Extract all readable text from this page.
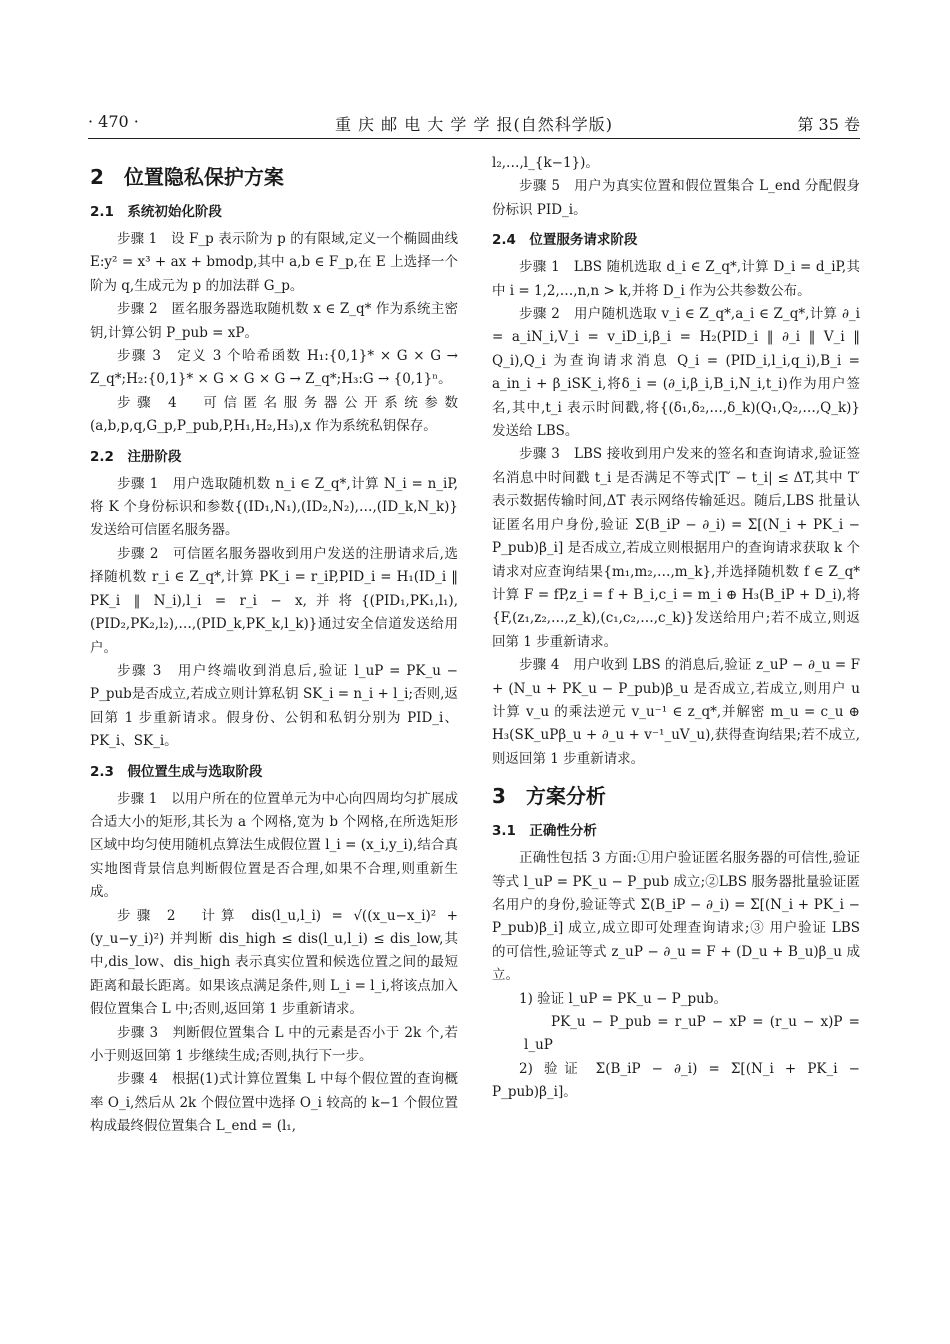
· 470 ·	重 庆 邮 电 大 学 学 报(自然科学版)	第 35 卷
2　位置隐私保护方案
2.1　系统初始化阶段

步骤 1　设 F_p 表示阶为 p 的有限域,定义一个椭圆曲线 E:y² = x³ + ax + bmodp,其中 a,b ∈ F_p,在 E 上选择一个阶为 q,生成元为 p 的加法群 G_p。

步骤 2　匿名服务器选取随机数 x ∈ Z_q* 作为系统主密钥,计算公钥 P_pub = xP。

步骤 3　定义 3 个哈希函数 H₁:{0,1}* × G × G → Z_q*;H₂:{0,1}* × G × G × G → Z_q*;H₃:G → {0,1}ⁿ。

步骤 4　可信匿名服务器公开系统参数(a,b,p,q,G_p,P_pub,P,H₁,H₂,H₃),x 作为系统私钥保存。

2.2　注册阶段

步骤 1　用户选取随机数 n_i ∈ Z_q*,计算 N_i = n_iP,将 K 个身份标识和参数{(ID₁,N₁),(ID₂,N₂),…,(ID_k,N_k)}发送给可信匿名服务器。

步骤 2　可信匿名服务器收到用户发送的注册请求后,选择随机数 r_i ∈ Z_q*,计算 PK_i = r_iP,PID_i = H₁(ID_i ‖ PK_i ‖ N_i),l_i = r_i − x,并将{(PID₁,PK₁,l₁),(PID₂,PK₂,l₂),…,(PID_k,PK_k,l_k)}通过安全信道发送给用户。

步骤 3　用户终端收到消息后,验证 l_uP = PK_u − P_pub是否成立,若成立则计算私钥 SK_i = n_i + l_i;否则,返回第 1 步重新请求。假身份、公钥和私钥分别为 PID_i、PK_i、SK_i。

2.3　假位置生成与选取阶段

步骤 1　以用户所在的位置单元为中心向四周均匀扩展成合适大小的矩形,其长为 a 个网格,宽为 b 个网格,在所选矩形区域中均匀使用随机点算法生成假位置 l_i = (x_i,y_i),结合真实地图背景信息判断假位置是否合理,如果不合理,则重新生成。

步骤 2　计算 dis(l_u,l_i) = √((x_u−x_i)² + (y_u−y_i)²) 并判断 dis_high ≤ dis(l_u,l_i) ≤ dis_low,其中,dis_low、dis_high 表示真实位置和候选位置之间的最短距离和最长距离。如果该点满足条件,则 L_i = l_i,将该点加入假位置集合 L 中;否则,返回第 1 步重新请求。

步骤 3　判断假位置集合 L 中的元素是否小于 2k 个,若小于则返回第 1 步继续生成;否则,执行下一步。

步骤 4　根据(1)式计算位置集 L 中每个假位置的查询概率 O_i,然后从 2k 个假位置中选择 O_i 较高的 k−1 个假位置构成最终假位置集合 L_end = (l₁,

l₂,…,l_{k−1})。

步骤 5　用户为真实位置和假位置集合 L_end 分配假身份标识 PID_i。

2.4　位置服务请求阶段

步骤 1　LBS 随机选取 d_i ∈ Z_q*,计算 D_i = d_iP,其中 i = 1,2,…,n,n > k,并将 D_i 作为公共参数公布。

步骤 2　用户随机选取 v_i ∈ Z_q*,a_i ∈ Z_q*,计算 ∂_i = a_iN_i,V_i = v_iD_i,β_i = H₂(PID_i ‖ ∂_i ‖ V_i ‖ Q_i),Q_i 为查询请求消息 Q_i = (PID_i,l_i,q_i),B_i = a_in_i + β_iSK_i,将δ_i = (∂_i,β_i,B_i,N_i,t_i)作为用户签名,其中,t_i 表示时间戳,将{(δ₁,δ₂,…,δ_k)(Q₁,Q₂,…,Q_k)}发送给 LBS。

步骤 3　LBS 接收到用户发来的签名和查询请求,验证签名消息中时间戳 t_i 是否满足不等式|T′ − t_i| ≤ ΔT,其中 T′表示数据传输时间,ΔT 表示网络传输延迟。随后,LBS 批量认证匿名用户身份,验证 Σ(B_iP − ∂_i) = Σ[(N_i + PK_i − P_pub)β_i] 是否成立,若成立则根据用户的查询请求获取 k 个请求对应查询结果{m₁,m₂,…,m_k},并选择随机数 f ∈ Z_q* 计算 F = fP,z_i = f + B_i,c_i = m_i ⊕ H₃(B_iP + D_i),将{F,(z₁,z₂,…,z_k),(c₁,c₂,…,c_k)}发送给用户;若不成立,则返回第 1 步重新请求。

步骤 4　用户收到 LBS 的消息后,验证 z_uP − ∂_u = F + (N_u + PK_u − P_pub)β_u 是否成立,若成立,则用户 u 计算 v_u 的乘法逆元 v_u⁻¹ ∈ z_q*,并解密 m_u = c_u ⊕ H₃(SK_uPβ_u + ∂_u + v⁻¹_uV_u),获得查询结果;若不成立,则返回第 1 步重新请求。

3　方案分析
3.1　正确性分析

正确性包括 3 方面:①用户验证匿名服务器的可信性,验证等式 l_uP = PK_u − P_pub 成立;②LBS 服务器批量验证匿名用户的身份,验证等式 Σ(B_iP − ∂_i) = Σ[(N_i + PK_i − P_pub)β_i] 成立,成立即可处理查询请求;③ 用户验证 LBS 的可信性,验证等式 z_uP − ∂_u = F + (D_u + B_u)β_u 成立。

1) 验证 l_uP = PK_u − P_pub。

PK_u − P_pub = r_uP − xP = (r_u − x)P = l_uP

2) 验证 Σ(B_iP − ∂_i) = Σ[(N_i + PK_i − P_pub)β_i]。
